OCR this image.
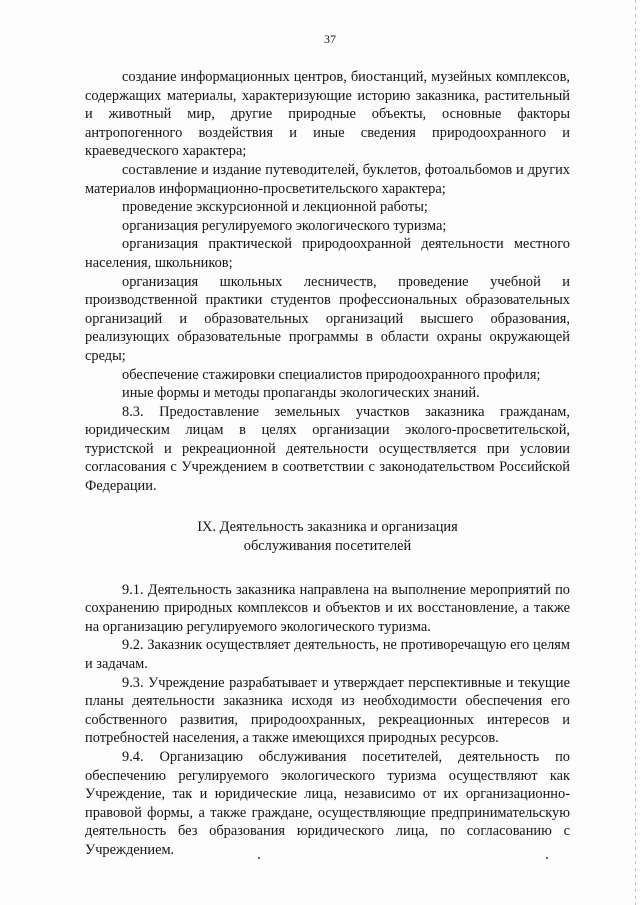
37

создание информационных центров, биостанций, музейных комплексов, содержащих материалы, характеризующие историю заказника, растительный и животный мир, другие природные объекты, основные факторы антропогенного воздействия и иные сведения природоохранного и краеведческого характера;

составление и издание путеводителей, буклетов, фотоальбомов и других материалов информационно-просветительского характера;

проведение экскурсионной и лекционной работы;

организация регулируемого экологического туризма;

организация практической природоохранной деятельности местного населения, школьников;

организация школьных лесничеств, проведение учебной и производственной практики студентов профессиональных образовательных организаций и образовательных организаций высшего образования, реализующих образовательные программы в области охраны окружающей среды;

обеспечение стажировки специалистов природоохранного профиля;

иные формы и методы пропаганды экологических знаний.

8.3. Предоставление земельных участков заказника гражданам, юридическим лицам в целях организации эколого-просветительской, туристской и рекреационной деятельности осуществляется при условии согласования с Учреждением в соответствии с законодательством Российской Федерации.

IX. Деятельность заказника и организация
обслуживания посетителей

9.1. Деятельность заказника направлена на выполнение мероприятий по сохранению природных комплексов и объектов и их восстановление, а также на организацию регулируемого экологического туризма.

9.2. Заказник осуществляет деятельность, не противоречащую его целям и задачам.

9.3. Учреждение разрабатывает и утверждает перспективные и текущие планы деятельности заказника исходя из необходимости обеспечения его собственного развития, природоохранных, рекреационных интересов и потребностей населения, а также имеющихся природных ресурсов.

9.4. Организацию обслуживания посетителей, деятельность по обеспечению регулируемого экологического туризма осуществляют как Учреждение, так и юридические лица, независимо от их организационно-правовой формы, а также граждане, осуществляющие предпринимательскую деятельность без образования юридического лица, по согласованию с Учреждением.
